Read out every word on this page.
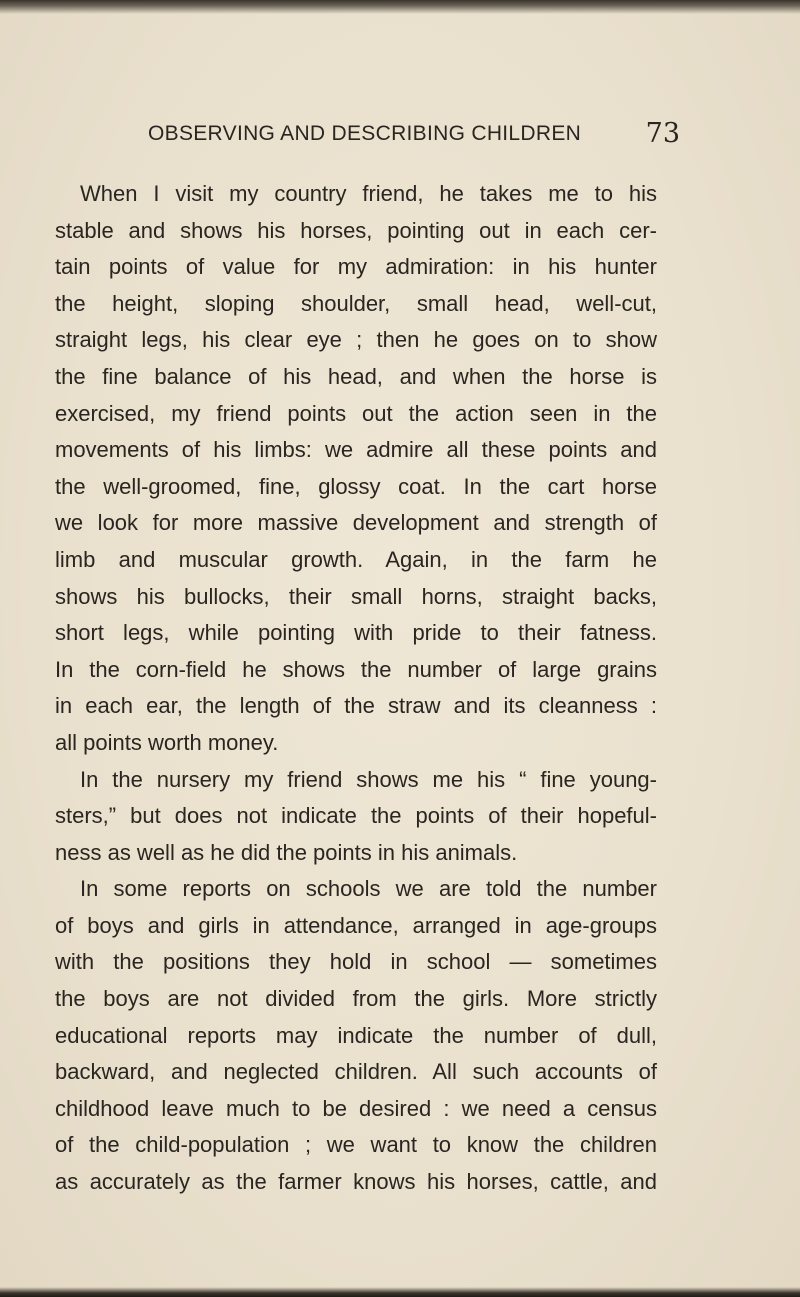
OBSERVING AND DESCRIBING CHILDREN 73
When I visit my country friend, he takes me to his
stable and shows his horses, pointing out in each cer-
tain points of value for my admiration: in his hunter
the height, sloping shoulder, small head, well-cut,
straight legs, his clear eye ; then he goes on to show
the fine balance of his head, and when the horse is
exercised, my friend points out the action seen in the
movements of his limbs: we admire all these points and
the well-groomed, fine, glossy coat. In the cart horse
we look for more massive development and strength of
limb and muscular growth. Again, in the farm he
shows his bullocks, their small horns, straight backs,
short legs, while pointing with pride to their fatness.
In the corn-field he shows the number of large grains
in each ear, the length of the straw and its cleanness :
all points worth money.
In the nursery my friend shows me his “ fine young-
sters,” but does not indicate the points of their hopeful-
ness as well as he did the points in his animals.
In some reports on schools we are told the number
of boys and girls in attendance, arranged in age-groups
with the positions they hold in school — sometimes
the boys are not divided from the girls. More strictly
educational reports may indicate the number of dull,
backward, and neglected children. All such accounts of
childhood leave much to be desired : we need a census
of the child-population ; we want to know the children
as accurately as the farmer knows his horses, cattle, and
